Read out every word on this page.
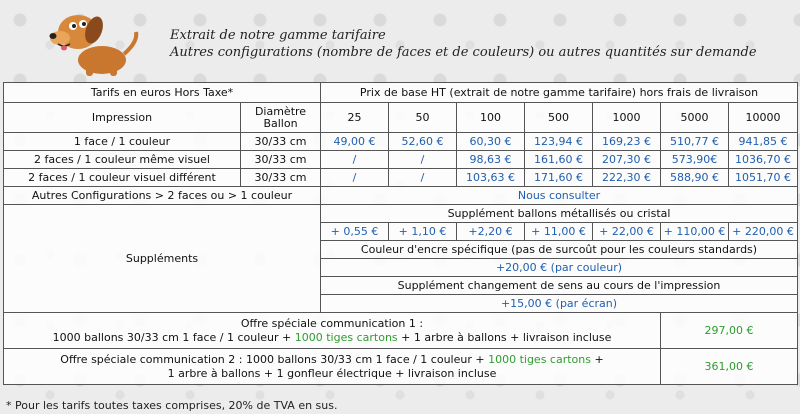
Extrait de notre gamme tarifaire
Autres configurations (nombre de faces et de couleurs) ou autres quantités sur demande
Tarifs en euros Hors Taxe*		Prix de base HT (extrait de notre gamme tarifaire) hors frais de livraison						
Impression	Diamètre Ballon	25	50	100	500	1000	5000	10000
1 face / 1 couleur	30/33 cm	49,00 €	52,60 €	60,30 €	123,94 €	169,23 €	510,77 €	941,85 €
2 faces / 1 couleur même visuel	30/33 cm	/	/	98,63 €	161,60 €	207,30 €	573,90€	1036,70 €
2 faces / 1 couleur visuel différent	30/33 cm	/	/	103,63 €	171,60 €	222,30 €	588,90 €	1051,70 €
Autres Configurations > 2 faces ou > 1 couleur		Nous consulter						
Suppléments		Supplément ballons métallisés ou cristal						
		+ 0,55 €	+ 1,10 €	+2,20 €	+ 11,00 €	+ 22,00 €	+ 110,00 €	+ 220,00 €
		Couleur d'encre spécifique (pas de surcoût pour les couleurs standards)						
		+20,00 € (par couleur)						
		Supplément changement de sens au cours de l'impression						
		+15,00 € (par écran)						

Offre spéciale communication 1 :
1000 ballons 30/33 cm 1 face / 1 couleur + 1000 tiges cartons + 1 arbre à ballons + livraison incluse							297,00 €	

Offre spéciale communication 2 : 1000 ballons 30/33 cm 1 face / 1 couleur + 1000 tiges cartons +
1 arbre à ballons + 1 gonfleur électrique + livraison incluse							361,00 €	
* Pour les tarifs toutes taxes comprises, 20% de TVA en sus.
